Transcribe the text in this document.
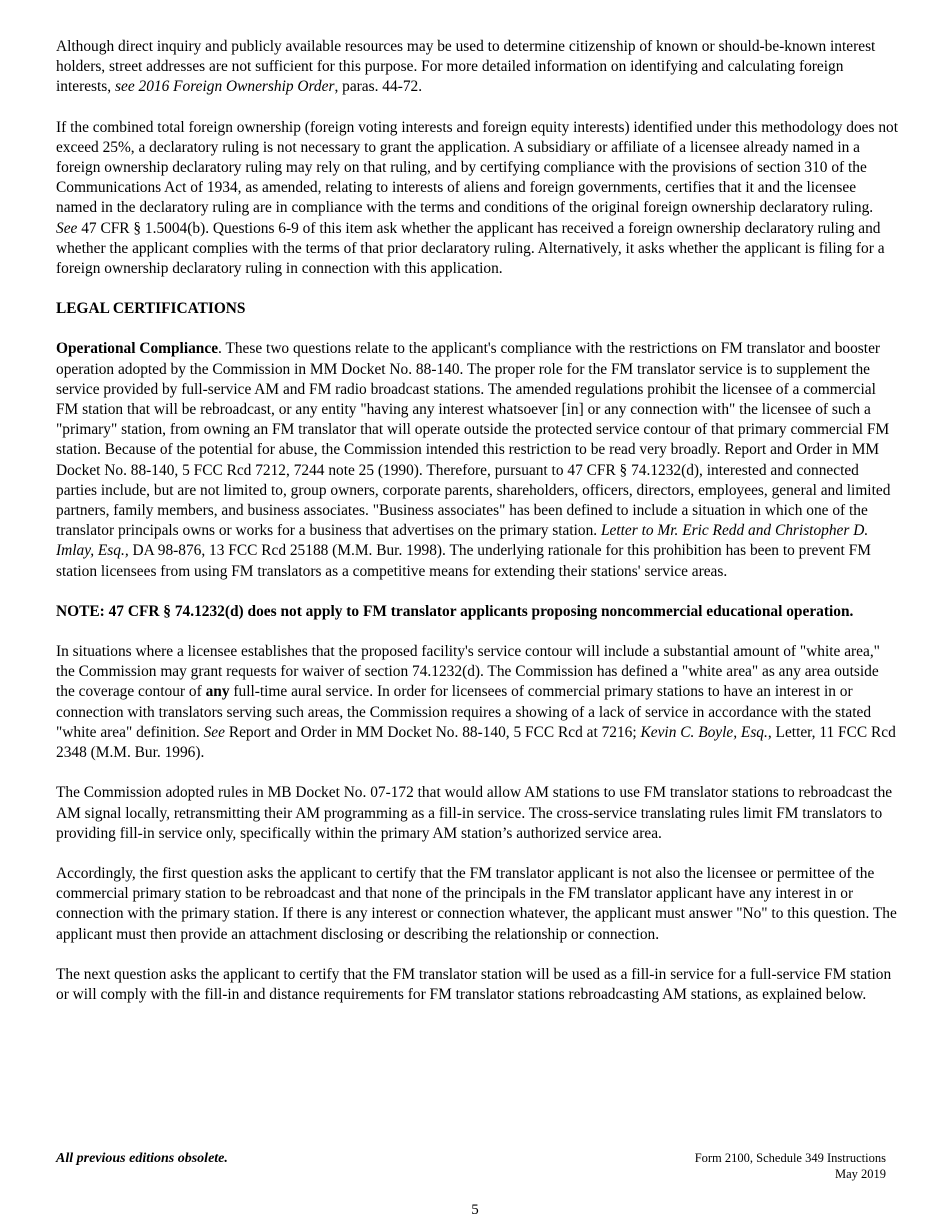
Although direct inquiry and publicly available resources may be used to determine citizenship of known or should-be-known interest holders, street addresses are not sufficient for this purpose. For more detailed information on identifying and calculating foreign interests, see 2016 Foreign Ownership Order, paras. 44-72.

If the combined total foreign ownership (foreign voting interests and foreign equity interests) identified under this methodology does not exceed 25%, a declaratory ruling is not necessary to grant the application. A subsidiary or affiliate of a licensee already named in a foreign ownership declaratory ruling may rely on that ruling, and by certifying compliance with the provisions of section 310 of the Communications Act of 1934, as amended, relating to interests of aliens and foreign governments, certifies that it and the licensee named in the declaratory ruling are in compliance with the terms and conditions of the original foreign ownership declaratory ruling. See 47 CFR § 1.5004(b). Questions 6-9 of this item ask whether the applicant has received a foreign ownership declaratory ruling and whether the applicant complies with the terms of that prior declaratory ruling. Alternatively, it asks whether the applicant is filing for a foreign ownership declaratory ruling in connection with this application.

LEGAL CERTIFICATIONS

Operational Compliance. These two questions relate to the applicant's compliance with the restrictions on FM translator and booster operation adopted by the Commission in MM Docket No. 88-140. The proper role for the FM translator service is to supplement the service provided by full-service AM and FM radio broadcast stations. The amended regulations prohibit the licensee of a commercial FM station that will be rebroadcast, or any entity "having any interest whatsoever [in] or any connection with" the licensee of such a "primary" station, from owning an FM translator that will operate outside the protected service contour of that primary commercial FM station. Because of the potential for abuse, the Commission intended this restriction to be read very broadly. Report and Order in MM Docket No. 88-140, 5 FCC Rcd 7212, 7244 note 25 (1990). Therefore, pursuant to 47 CFR § 74.1232(d), interested and connected parties include, but are not limited to, group owners, corporate parents, shareholders, officers, directors, employees, general and limited partners, family members, and business associates. "Business associates" has been defined to include a situation in which one of the translator principals owns or works for a business that advertises on the primary station. Letter to Mr. Eric Redd and Christopher D. Imlay, Esq., DA 98-876, 13 FCC Rcd 25188 (M.M. Bur. 1998). The underlying rationale for this prohibition has been to prevent FM station licensees from using FM translators as a competitive means for extending their stations' service areas.

NOTE: 47 CFR § 74.1232(d) does not apply to FM translator applicants proposing noncommercial educational operation.

In situations where a licensee establishes that the proposed facility's service contour will include a substantial amount of "white area," the Commission may grant requests for waiver of section 74.1232(d). The Commission has defined a "white area" as any area outside the coverage contour of any full-time aural service. In order for licensees of commercial primary stations to have an interest in or connection with translators serving such areas, the Commission requires a showing of a lack of service in accordance with the stated "white area" definition. See Report and Order in MM Docket No. 88-140, 5 FCC Rcd at 7216; Kevin C. Boyle, Esq., Letter, 11 FCC Rcd 2348 (M.M. Bur. 1996).

The Commission adopted rules in MB Docket No. 07-172 that would allow AM stations to use FM translator stations to rebroadcast the AM signal locally, retransmitting their AM programming as a fill-in service. The cross-service translating rules limit FM translators to providing fill-in service only, specifically within the primary AM station’s authorized service area.

Accordingly, the first question asks the applicant to certify that the FM translator applicant is not also the licensee or permittee of the commercial primary station to be rebroadcast and that none of the principals in the FM translator applicant have any interest in or connection with the primary station. If there is any interest or connection whatever, the applicant must answer "No" to this question. The applicant must then provide an attachment disclosing or describing the relationship or connection.

The next question asks the applicant to certify that the FM translator station will be used as a fill-in service for a full-service FM station or will comply with the fill-in and distance requirements for FM translator stations rebroadcasting AM stations, as explained below.

All previous editions obsolete.	Form 2100, Schedule 349 Instructions
May 2019
5
